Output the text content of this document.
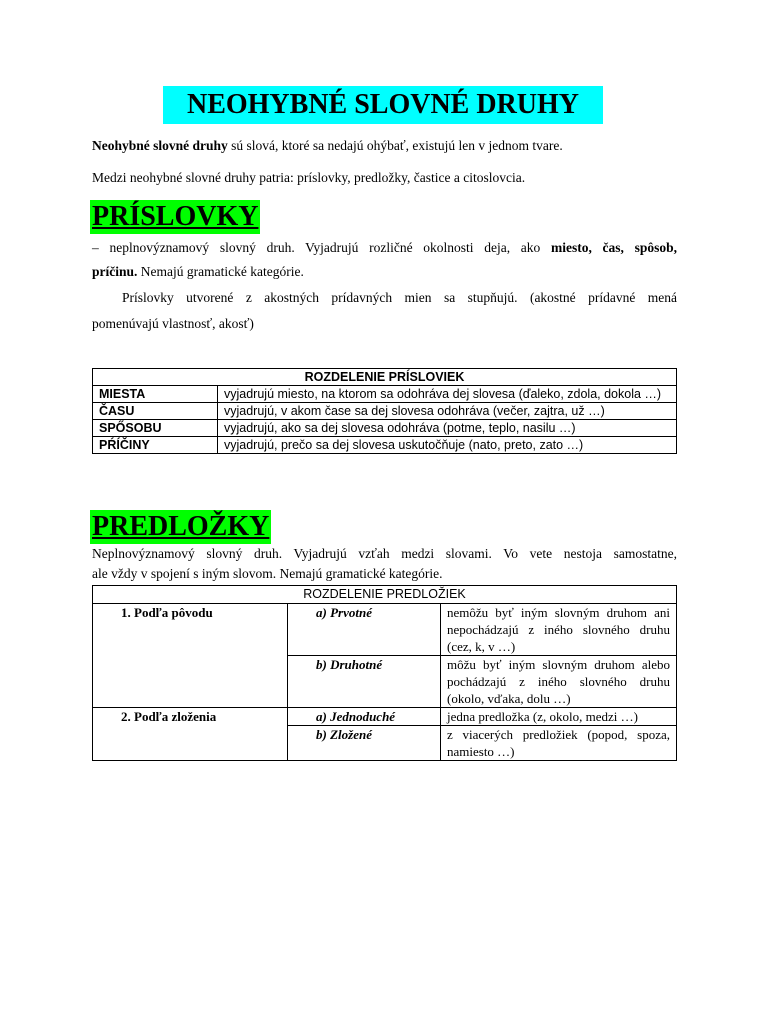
NEOHYBNÉ SLOVNÉ DRUHY
Neohybné slovné druhy sú slová, ktoré sa nedajú ohýbať, existujú len v jednom tvare.
Medzi neohybné slovné druhy patria: príslovky, predložky, častice a citoslovcia.
PRÍSLOVKY
– neplnovýznamový slovný druh. Vyjadrujú rozličné okolnosti deja, ako miesto, čas, spôsob,
príčinu. Nemajú gramatické kategórie.
Príslovky utvorené z akostných prídavných mien sa stupňujú. (akostné prídavné mená
pomenúvajú vlastnosť, akosť)
ROZDELENIE PRÍSLOVIEK	
MIESTA	vyjadrujú miesto, na ktorom sa odohráva dej slovesa (ďaleko, zdola, dokola …)
ČASU	vyjadrujú, v akom čase sa dej slovesa odohráva (večer, zajtra, už …)
SPŐSOBU	vyjadrujú, ako sa dej slovesa odohráva (potme, teplo, nasilu …)
PŔÍČINY	vyjadrujú, prečo sa dej slovesa uskutočňuje (nato, preto, zato …)
PREDLOŽKY
Neplnovýznamový slovný druh. Vyjadrujú vzťah medzi slovami. Vo vete nestoja samostatne,
ale vždy v spojení s iným slovom. Nemajú gramatické kategórie.
ROZDELENIE PREDLOŽIEK		
1. Podľa pôvodu	a) Prvotné	nemôžu byť iným slovným druhom ani
nepochádzajú z iného slovného druhu
(cez, k, v …)

	b) Druhotné	môžu byť iným slovným druhom alebo
pochádzajú z iného slovného druhu
(okolo, vďaka, dolu …)

2. Podľa zloženia	a) Jednoduché	jedna predložka (z, okolo, medzi …)

	b) Zložené	z viacerých predložiek (popod, spoza,
namiesto …)
